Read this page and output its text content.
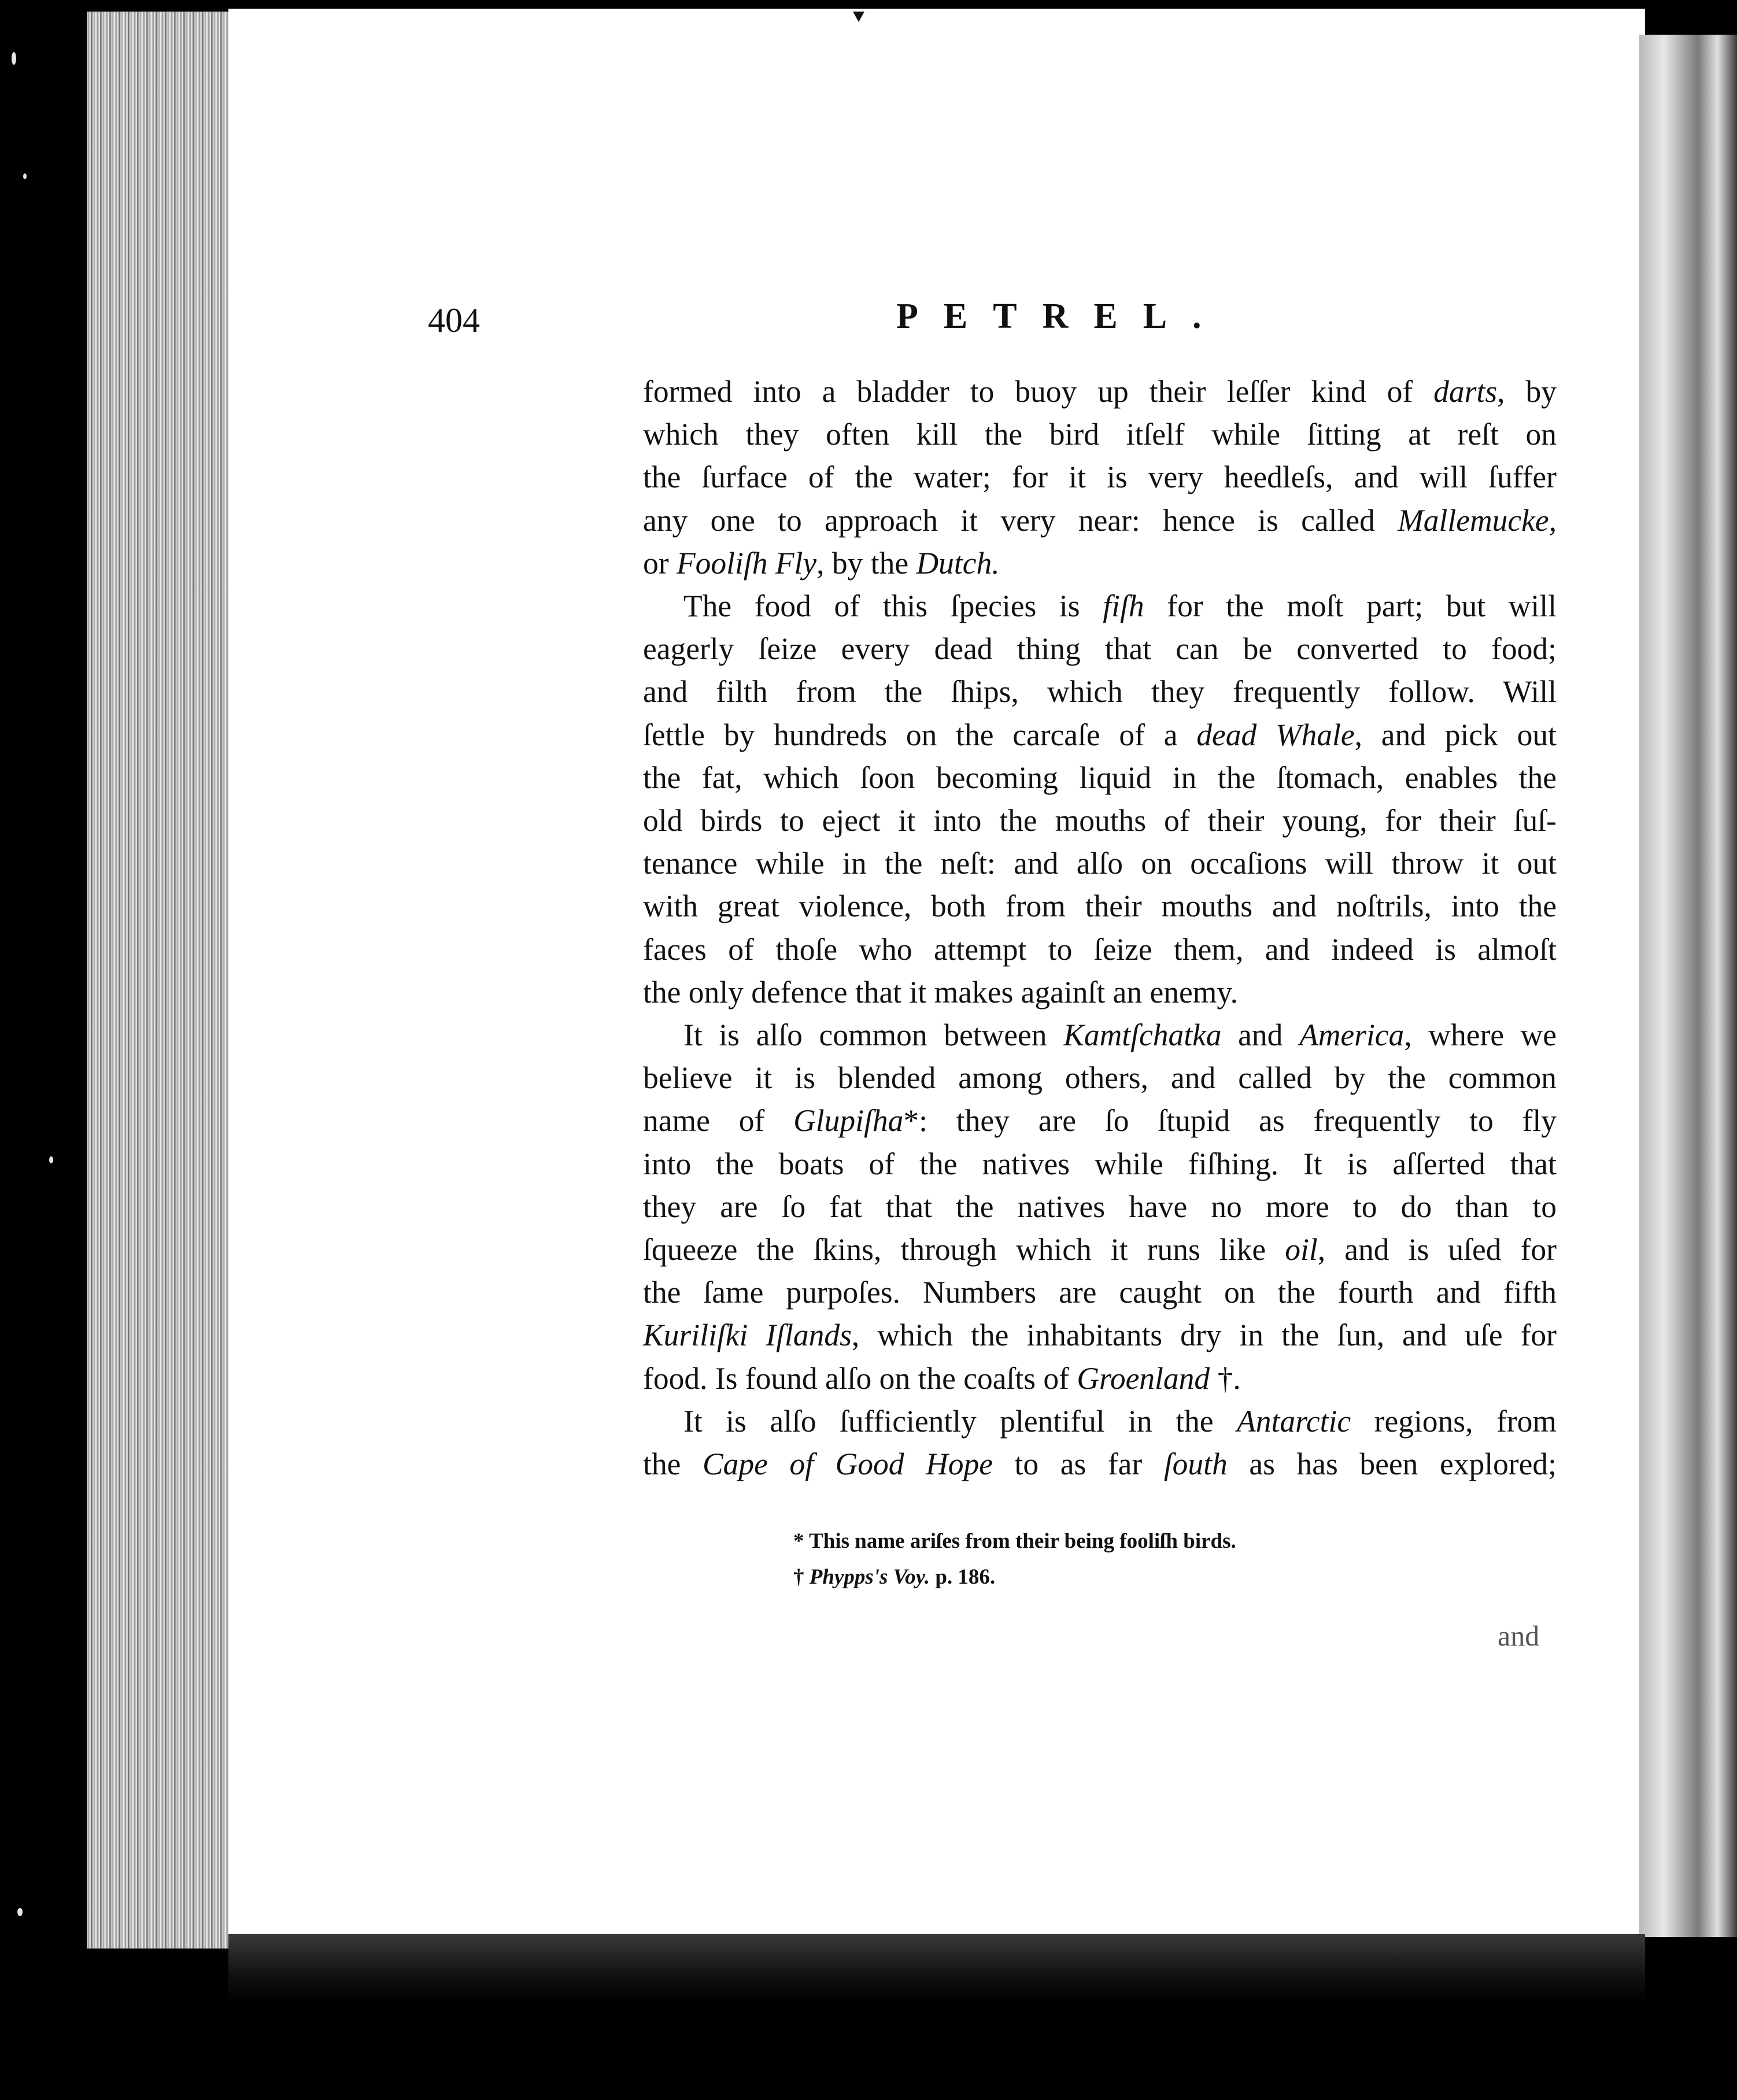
404	PETREL.
formed into a bladder to buoy up their leſſer kind of darts, by
which they often kill the bird itſelf while ſitting at reſt on
the ſurface of the water; for it is very heedleſs, and will ſuffer
any one to approach it very near: hence is called Mallemucke,
or Fooliſh Fly, by the Dutch.
The food of this ſpecies is fiſh for the moſt part; but will
eagerly ſeize every dead thing that can be converted to food;
and filth from the ſhips, which they frequently follow. Will
ſettle by hundreds on the carcaſe of a dead Whale, and pick out
the fat, which ſoon becoming liquid in the ſtomach, enables the
old birds to eject it into the mouths of their young, for their ſuſ-
tenance while in the neſt: and alſo on occaſions will throw it out
with great violence, both from their mouths and noſtrils, into the
faces of thoſe who attempt to ſeize them, and indeed is almoſt
the only defence that it makes againſt an enemy.
It is alſo common between Kamtſchatka and America, where we
believe it is blended among others, and called by the common
name of Glupiſha*: they are ſo ſtupid as frequently to fly
into the boats of the natives while fiſhing. It is aſſerted that
they are ſo fat that the natives have no more to do than to
ſqueeze the ſkins, through which it runs like oil, and is uſed for
the ſame purpoſes. Numbers are caught on the fourth and fifth
Kuriliſki Iſlands, which the inhabitants dry in the ſun, and uſe for
food. Is found alſo on the coaſts of Groenland †.
It is alſo ſufficiently plentiful in the Antarctic regions, from
the Cape of Good Hope to as far ſouth as has been explored;
* This name ariſes from their being fooliſh birds.
† Phypps's Voy. p. 186.
and
